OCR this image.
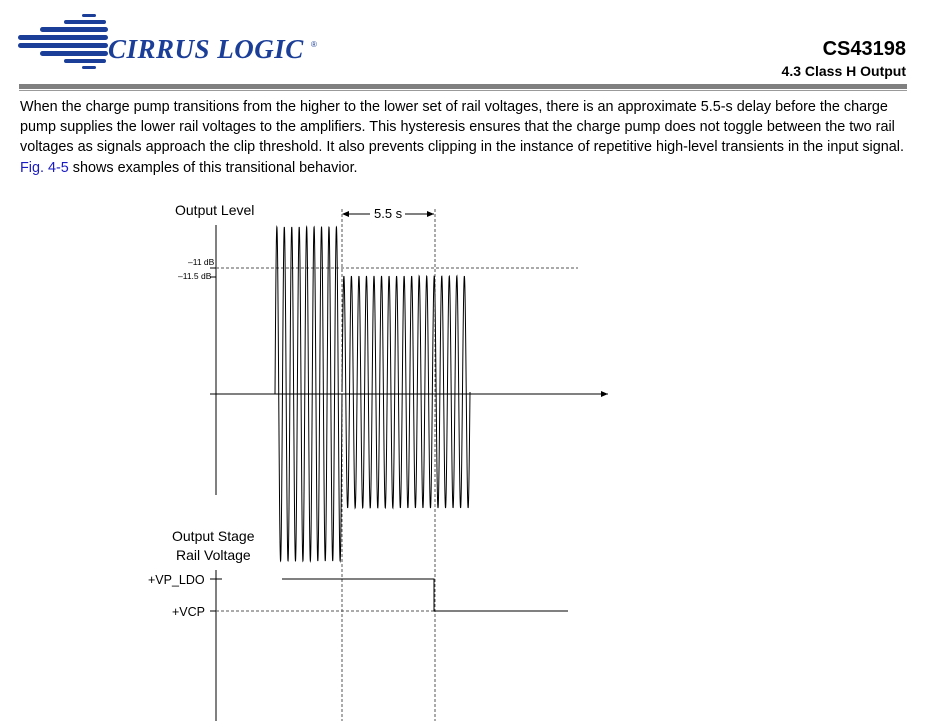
CIRRUS LOGIC ®	CS43198
4.3 Class H Output

When the charge pump transitions from the higher to the lower set of rail voltages, there is an approximate 5.5-s delay before the charge pump supplies the lower rail voltages to the amplifiers. This hysteresis ensures that the charge pump does not toggle between the two rail voltages as signals approach the clip threshold. It also prevents clipping in the instance of repetitive high-level transients in the input signal. Fig. 4-5 shows examples of this transitional behavior.

Output Level	5.5 s
–11 dB
–11.5 dB
Output Stage
Rail Voltage
+VP_LDO
+VCP
